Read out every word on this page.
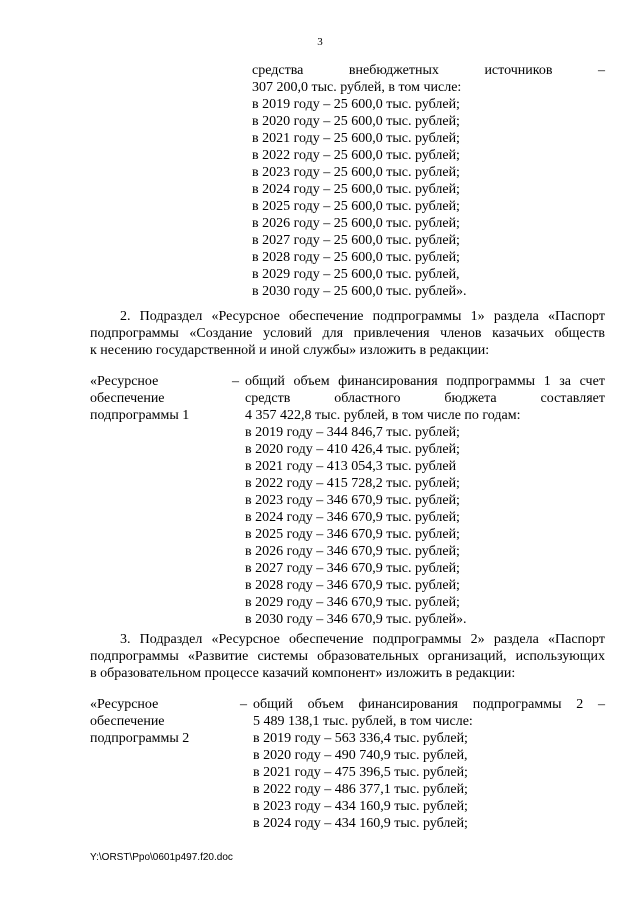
3
средства	внебюджетных	источников	–
307 200,0 тыс. рублей, в том числе:
в 2019 году – 25 600,0 тыс. рублей;
в 2020 году – 25 600,0 тыс. рублей;
в 2021 году – 25 600,0 тыс. рублей;
в 2022 году – 25 600,0 тыс. рублей;
в 2023 году – 25 600,0 тыс. рублей;
в 2024 году – 25 600,0 тыс. рублей;
в 2025 году – 25 600,0 тыс. рублей;
в 2026 году – 25 600,0 тыс. рублей;
в 2027 году – 25 600,0 тыс. рублей;
в 2028 году – 25 600,0 тыс. рублей;
в 2029 году – 25 600,0 тыс. рублей,
в 2030 году – 25 600,0 тыс. рублей».
2. Подраздел «Ресурсное обеспечение подпрограммы 1» раздела «Паспорт
подпрограммы «Создание условий для привлечения членов казачьих обществ
к несению государственной и иной службы» изложить в редакции:
«Ресурсное
обеспечение
подпрограммы 1
– общий объем финансирования подпрограммы 1 за счет
средств	областного	бюджета	составляет
4 357 422,8 тыс. рублей, в том числе по годам:
в 2019 году – 344 846,7 тыс. рублей;
в 2020 году – 410 426,4 тыс. рублей;
в 2021 году – 413 054,3 тыс. рублей
в 2022 году – 415 728,2 тыс. рублей;
в 2023 году – 346 670,9 тыс. рублей;
в 2024 году – 346 670,9 тыс. рублей;
в 2025 году – 346 670,9 тыс. рублей;
в 2026 году – 346 670,9 тыс. рублей;
в 2027 году – 346 670,9 тыс. рублей;
в 2028 году – 346 670,9 тыс. рублей;
в 2029 году – 346 670,9 тыс. рублей;
в 2030 году – 346 670,9 тыс. рублей».
3. Подраздел «Ресурсное обеспечение подпрограммы 2» раздела «Паспорт
подпрограммы «Развитие системы образовательных организаций, использующих
в образовательном процессе казачий компонент» изложить в редакции:
«Ресурсное
обеспечение
подпрограммы 2
– общий объем финансирования подпрограммы 2 –
5 489 138,1 тыс. рублей, в том числе:
в 2019 году – 563 336,4 тыс. рублей;
в 2020 году – 490 740,9 тыс. рублей,
в 2021 году – 475 396,5 тыс. рублей;
в 2022 году – 486 377,1 тыс. рублей;
в 2023 году – 434 160,9 тыс. рублей;
в 2024 году – 434 160,9 тыс. рублей;
Y:\ORST\Ppo\0601p497.f20.doc
